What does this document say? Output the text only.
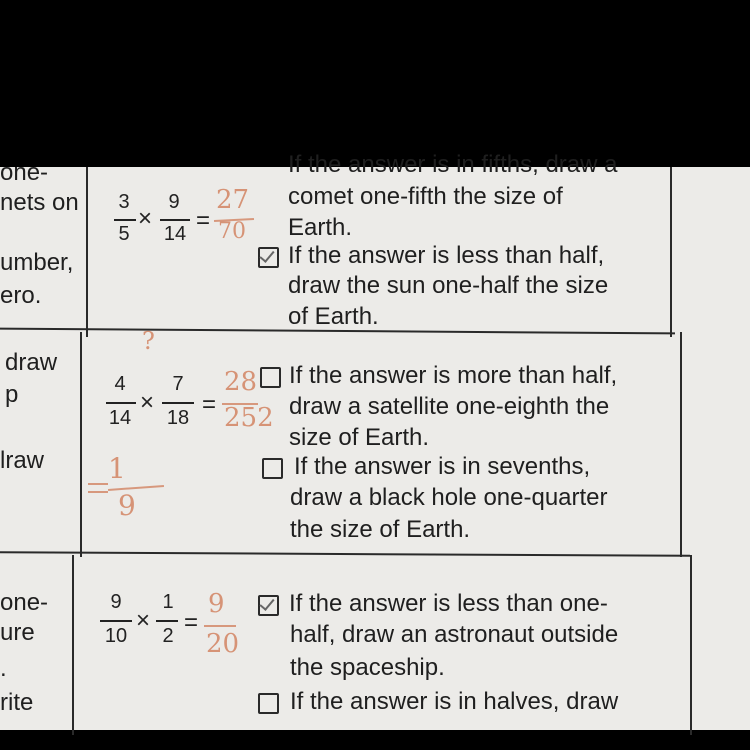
one-
nets on
umber,
ero.
draw
p
lraw
one-
ure
.
rite
3
5
×
9
14 =
27
70
If the answer is in fifths, draw a
comet one-fifth the size of
Earth.
If the answer is less than half,
draw the sun one-half the size
of Earth.
?
4
14
×
7
18 =
28
252
1
9
If the answer is more than half,
draw a satellite one-eighth the
size of Earth.
If the answer is in sevenths,
draw a black hole one-quarter
the size of Earth.
9
10
×
1
2 =
9
20
If the answer is less than one-
half, draw an astronaut outside
the spaceship.
If the answer is in halves, draw
